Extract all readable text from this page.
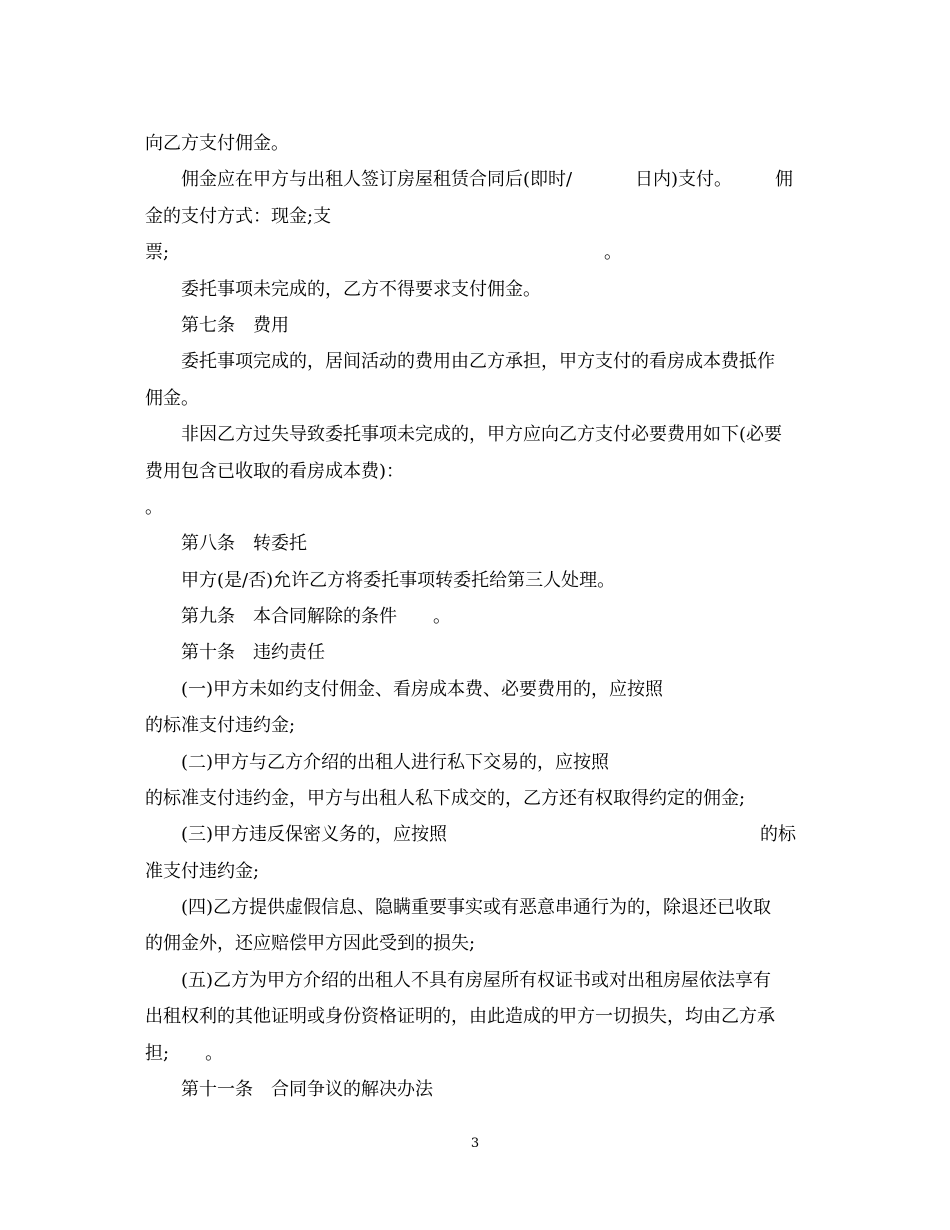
向乙方支付佣金。
佣金应在甲方与出租人签订房屋租赁合同后(即时/	日内)支付。 佣
金的支付方式：现金;支
票;	。
委托事项未完成的，乙方不得要求支付佣金。
第七条　费用
委托事项完成的，居间活动的费用由乙方承担，甲方支付的看房成本费抵作
佣金。
非因乙方过失导致委托事项未完成的，甲方应向乙方支付必要费用如下(必要
费用包含已收取的看房成本费)：
。
第八条　转委托
甲方(是/否)允许乙方将委托事项转委托给第三人处理。
第九条　本合同解除的条件　　。
第十条　违约责任
(一)甲方未如约支付佣金、看房成本费、必要费用的，应按照
的标准支付违约金;
(二)甲方与乙方介绍的出租人进行私下交易的，应按照
的标准支付违约金，甲方与出租人私下成交的，乙方还有权取得约定的佣金;
(三)甲方违反保密义务的，应按照	的标
准支付违约金;
(四)乙方提供虚假信息、隐瞒重要事实或有恶意串通行为的，除退还已收取
的佣金外，还应赔偿甲方因此受到的损失;
(五)乙方为甲方介绍的出租人不具有房屋所有权证书或对出租房屋依法享有
出租权利的其他证明或身份资格证明的，由此造成的甲方一切损失，均由乙方承
担;　　。
第十一条　合同争议的解决办法
3
